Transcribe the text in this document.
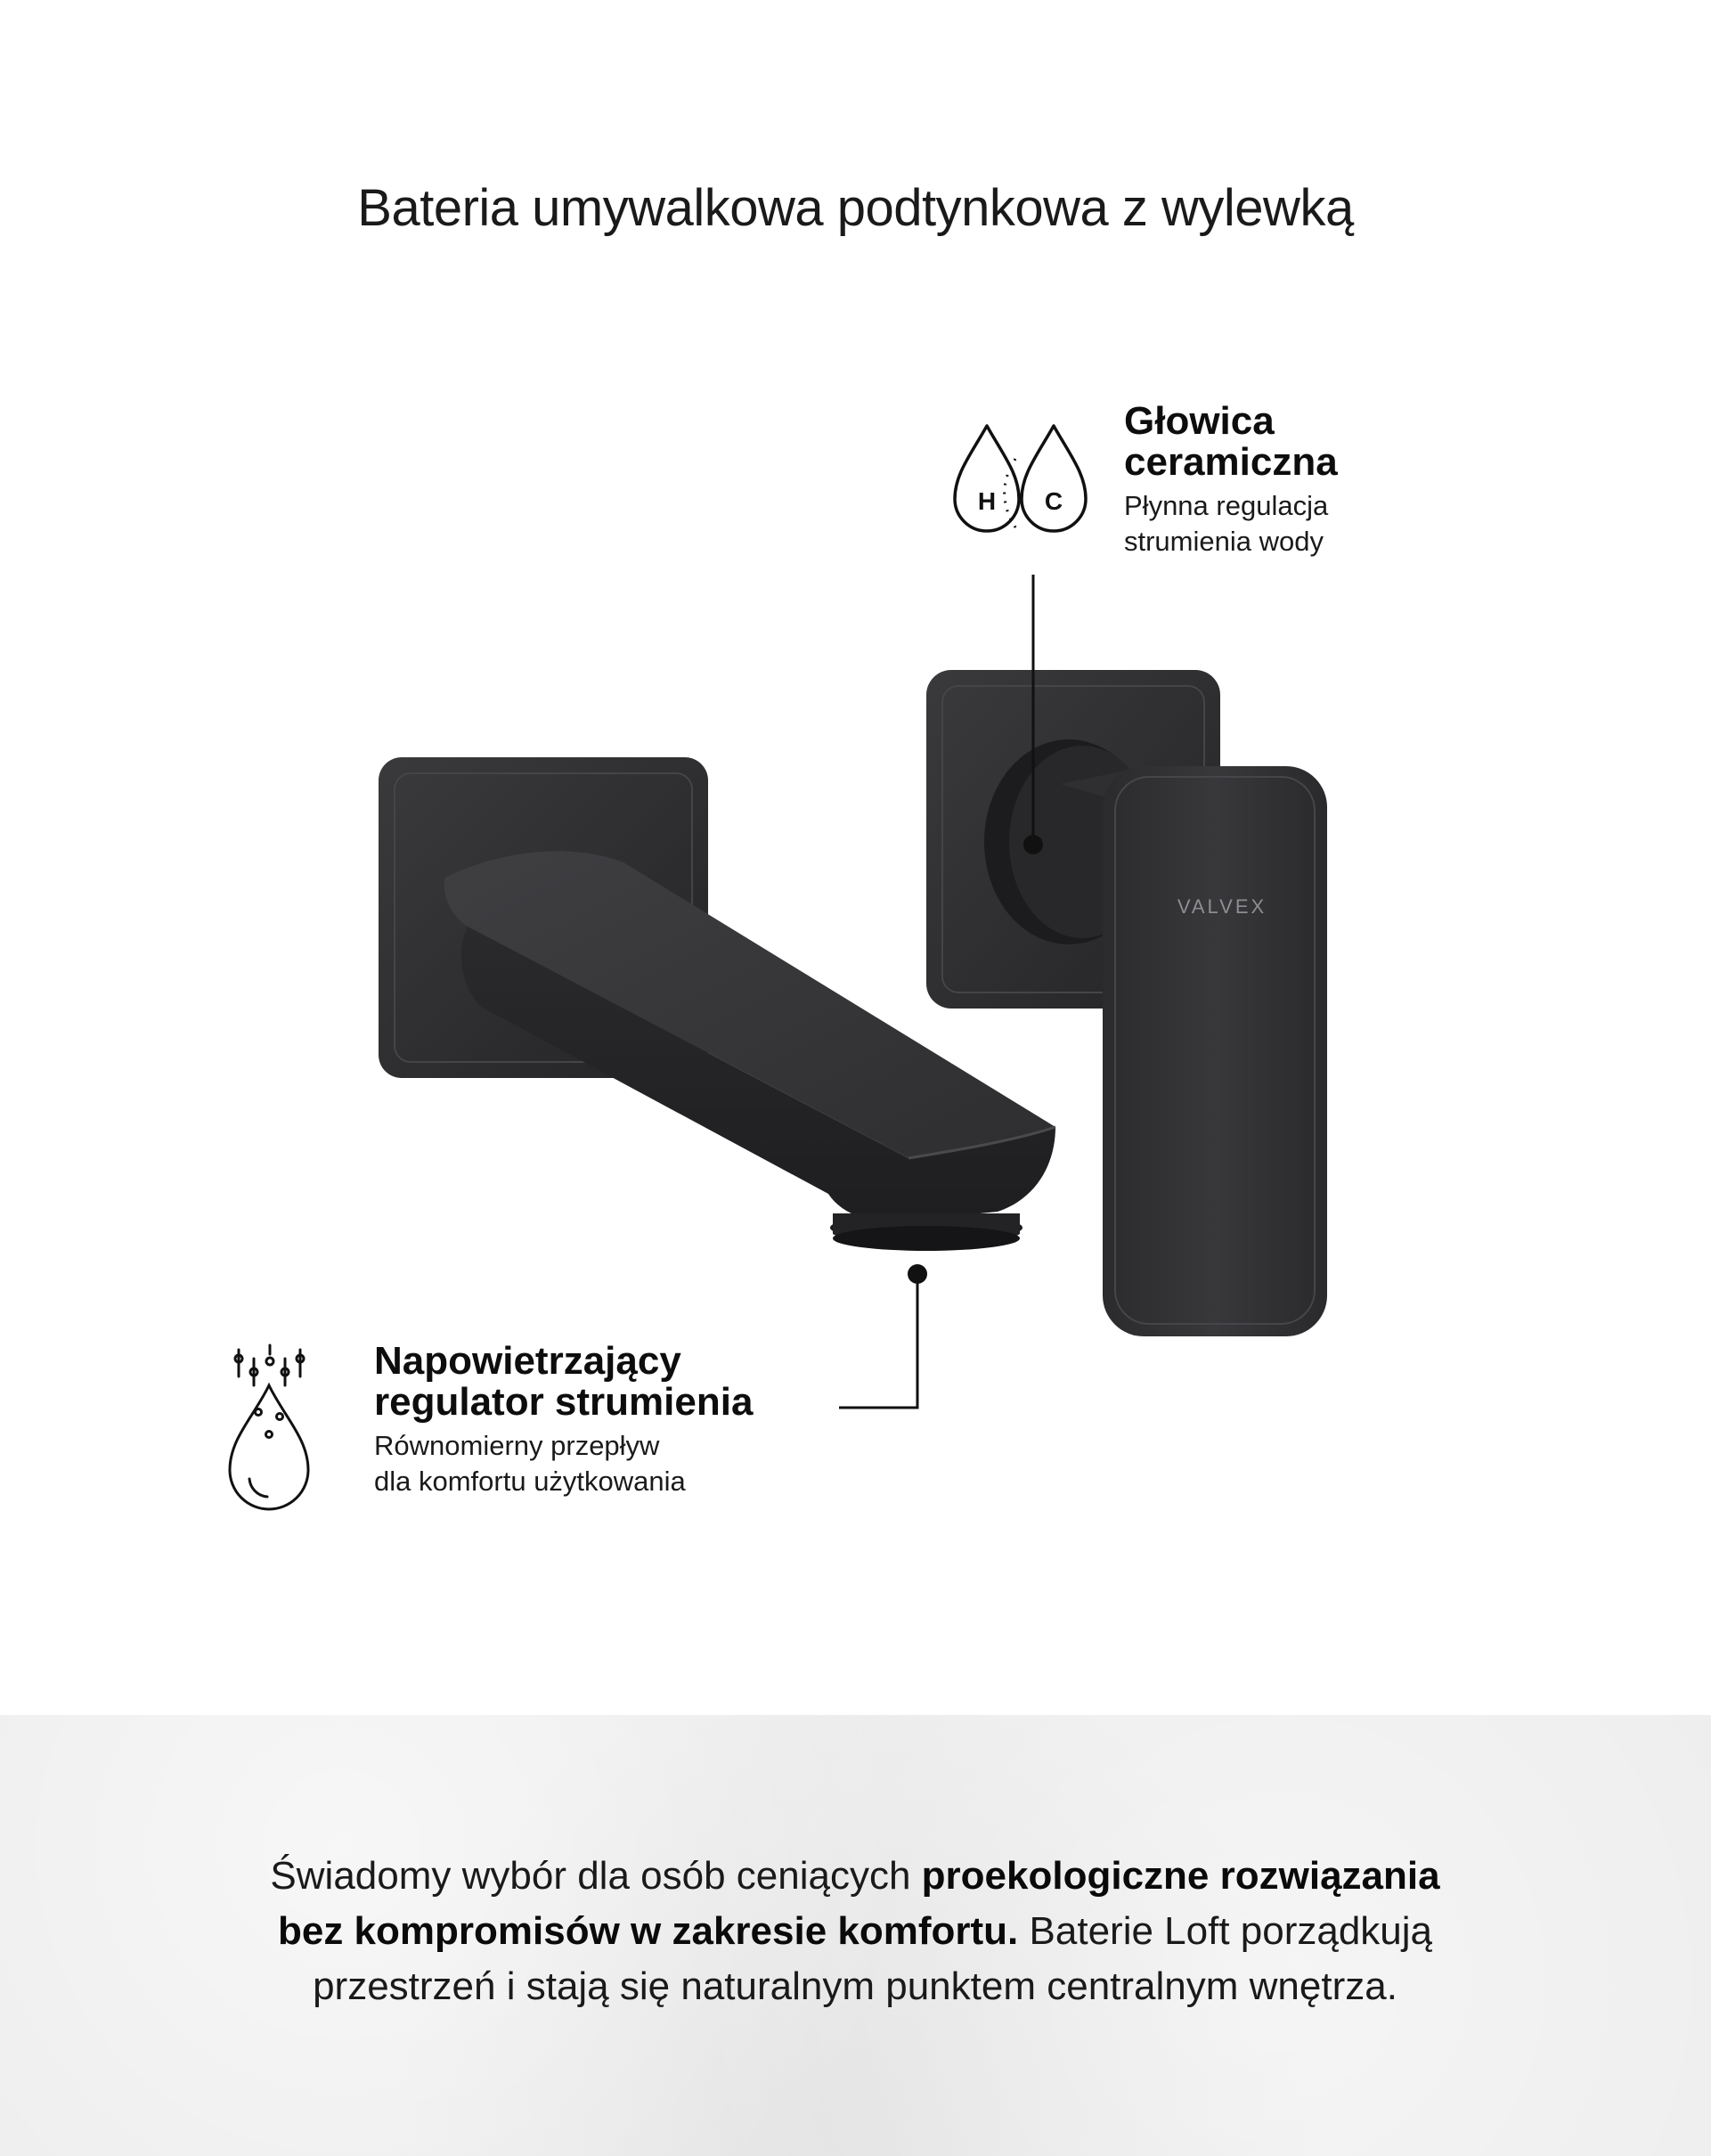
Bateria umywalkowa podtynkowa z wylewką
VALVEX
H C

Głowica
ceramiczna

Płynna regulacja
strumienia wody

Napowietrzający
regulator strumienia

Równomierny przepływ
dla komfortu użytkowania

Świadomy wybór dla osób ceniących proekologiczne rozwiązania
bez kompromisów w zakresie komfortu. Baterie Loft porządkują
przestrzeń i stają się naturalnym punktem centralnym wnętrza.
